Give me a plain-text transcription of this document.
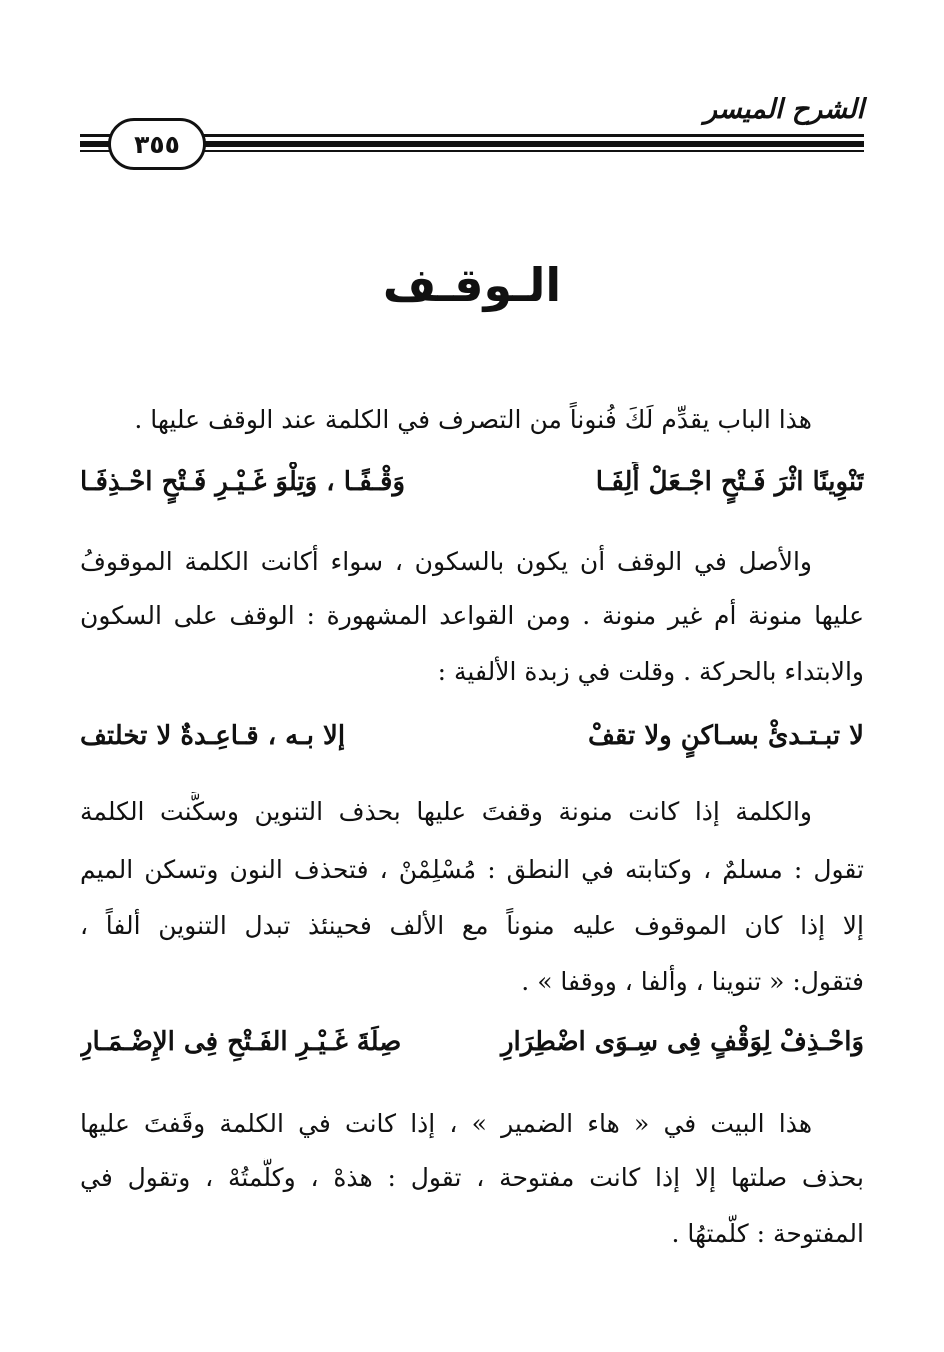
الشرح الميسر
٣٥٥
الـوقـف
هذا الباب يقدِّم لَكَ فُنوناً من التصرف في الكلمة عند الوقف عليها .
تَنْوِينًا اثْرَ فَـتْحٍ اجْـعَلْ أَلِفَـا
وَقْـفًـا ، وَتِلْوَ غَـيْـرِ فَـتْحٍ احْـذِفَـا
والأصل في الوقف أن يكون بالسكون ، سواء أكانت الكلمة الموقوفُ
عليها منونة أم غير منونة . ومن القواعد المشهورة : الوقف على السكون
والابتداء بالحركة . وقلت في زبدة الألفية :
لا تبـتـدئْ بسـاكنٍ ولا تقفْ
إلا بـه ، قـاعِـدةٌ لا تخلتف
والكلمة إذا كانت منونة وقفتَ عليها بحذف التنوين وسكَّنت الكلمة
تقول : مسلمٌ ، وكتابته في النطق : مُسْلِمْنْ ، فتحذف النون وتسكن الميم
إلا إذا كان الموقوف عليه منوناً مع الألف فحينئذ تبدل التنوين ألفاً ،
فتقول: « تنوينا ، وألفا ، ووقفا » .
وَاحْـذِفْ لِوَقْفٍ فِى سِـوَى اضْطِرَارِ
صِلَةَ غَـيْـرِ الفَـتْحِ فِى الإِضْـمَـارِ
هذا البيت في « هاء الضمير » ، إذا كانت في الكلمة وقَفتَ عليها
بحذف صلتها إلا إذا كانت مفتوحة ، تقول : هذهْ ، وكلَّمتُهْ ، وتقول في
المفتوحة : كلَّمتهُا .
